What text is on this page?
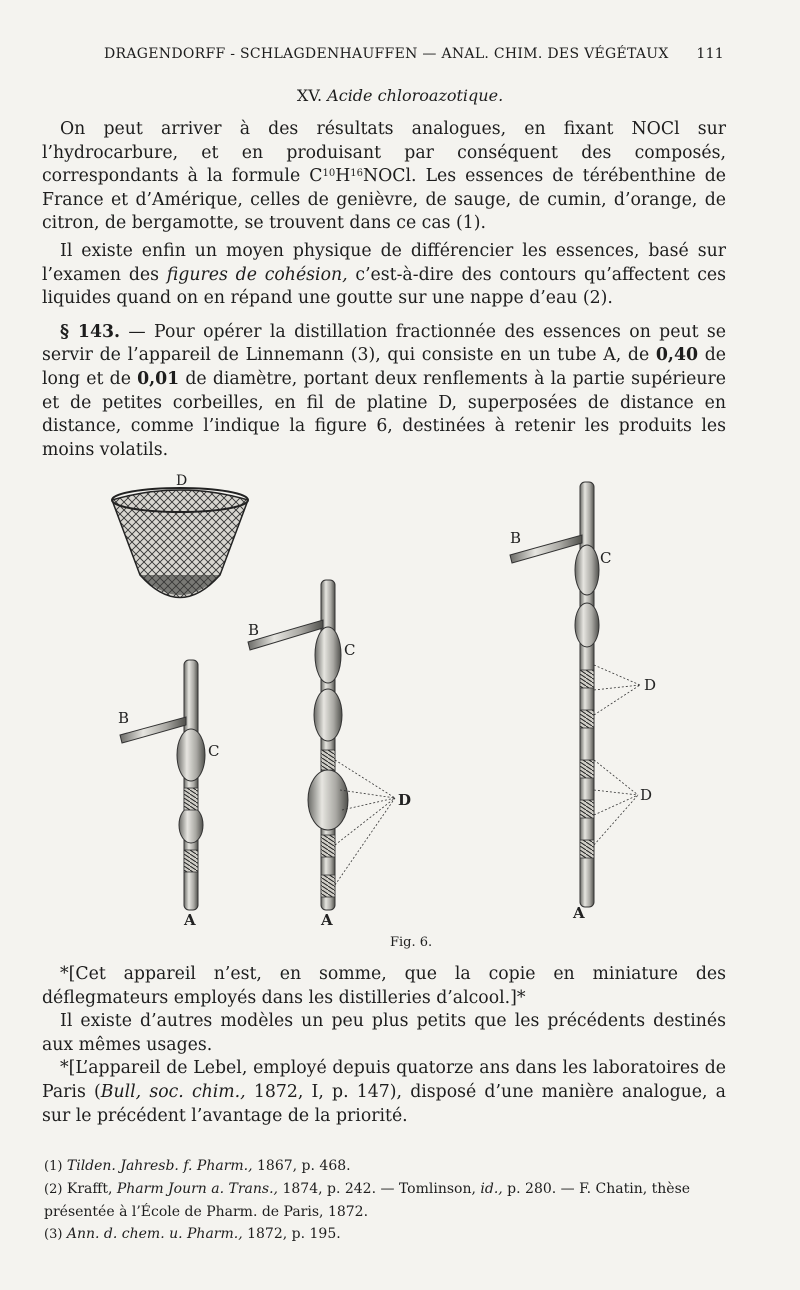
DRAGENDORFF - SCHLAGDENHAUFFEN — ANAL. CHIM. DES VÉGÉTAUX 111
XV. Acide chloroazotique.

On peut arriver à des résultats analogues, en fixant NOCl sur l’hydrocarbure, et en produisant par conséquent des composés, correspondants à la formule $C^{10}H^{16}NOCl$. Les essences de térébenthine de France et d’Amérique, celles de genièvre, de sauge, de cumin, d’orange, de citron, de bergamotte, se trouvent dans ce cas (1).

Il existe enfin un moyen physique de différencier les essences, basé sur l’examen des figures de cohésion, c’est-à-dire des contours qu’affectent ces liquides quand on en répand une goutte sur une nappe d’eau (2).

§ 143. — Pour opérer la distillation fractionnée des essences on peut se servir de l’appareil de Linnemann (3), qui consiste en un tube A, de 0,40 de long et de 0,01 de diamètre, portant deux renflements à la partie supérieure et de petites corbeilles, en fil de platine D, superposées de distance en distance, comme l’indique la figure 6, destinées à retenir les produits les moins volatils.

D
B
C
A
B
C
D
A
B
C
D
D
A
Fig. 6.

*[Cet appareil n’est, en somme, que la copie en miniature des déflegmateurs employés dans les distilleries d’alcool.]*

Il existe d’autres modèles un peu plus petits que les précédents destinés aux mêmes usages.

*[L’appareil de Lebel, employé depuis quatorze ans dans les laboratoires de Paris (Bull, soc. chim., 1872, I, p. 147), disposé d’une manière analogue, a sur le précédent l’avantage de la priorité.

(1) Tilden. Jahresb. f. Pharm., 1867, p. 468.

(2) Krafft, Pharm Journ a. Trans., 1874, p. 242. — Tomlinson, id., p. 280. — F. Chatin, thèse présentée à l’École de Pharm. de Paris, 1872.

(3) Ann. d. chem. u. Pharm., 1872, p. 195.
